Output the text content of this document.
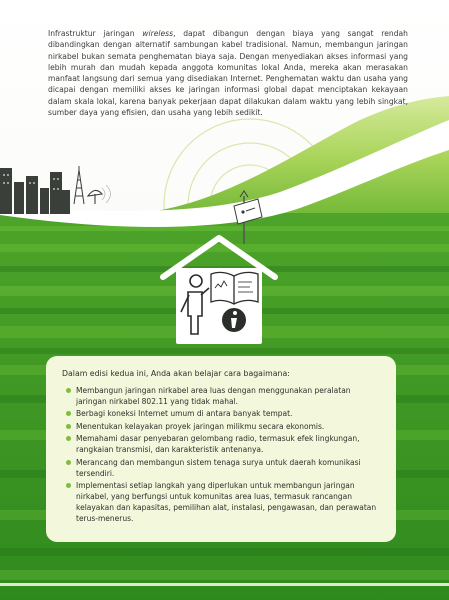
Infrastruktur jaringan wireless, dapat dibangun dengan biaya yang sangat rendah dibandingkan dengan alternatif sambungan kabel tradisional. Namun, membangun jaringan nirkabel bukan semata penghematan biaya saja. Dengan menyediakan akses informasi yang lebih murah dan mudah kepada anggota komunitas lokal Anda, mereka akan merasakan manfaat langsung dari semua yang disediakan Internet. Penghematan waktu dan usaha yang dicapai dengan memiliki akses ke jaringan informasi global dapat menciptakan kekayaan dalam skala lokal, karena banyak pekerjaan dapat dilakukan dalam waktu yang lebih singkat, sumber daya yang efisien, dan usaha yang lebih sedikit.
Dalam edisi kedua ini, Anda akan belajar cara bagaimana:
Membangun jaringan nirkabel area luas dengan menggunakan peralatan jaringan nirkabel 802.11 yang tidak mahal.
Berbagi koneksi Internet umum di antara banyak tempat.
Menentukan kelayakan proyek jaringan milikmu secara ekonomis.
Memahami dasar penyebaran gelombang radio, termasuk efek lingkungan, rangkaian transmisi, dan karakteristik antenanya.
Merancang dan membangun sistem tenaga surya untuk daerah komunikasi tersendiri.
Implementasi setiap langkah yang diperlukan untuk membangun jaringan nirkabel, yang berfungsi untuk komunitas area luas, termasuk rancangan kelayakan dan kapasitas, pemilihan alat, instalasi, pengawasan, dan perawatan terus-menerus.
